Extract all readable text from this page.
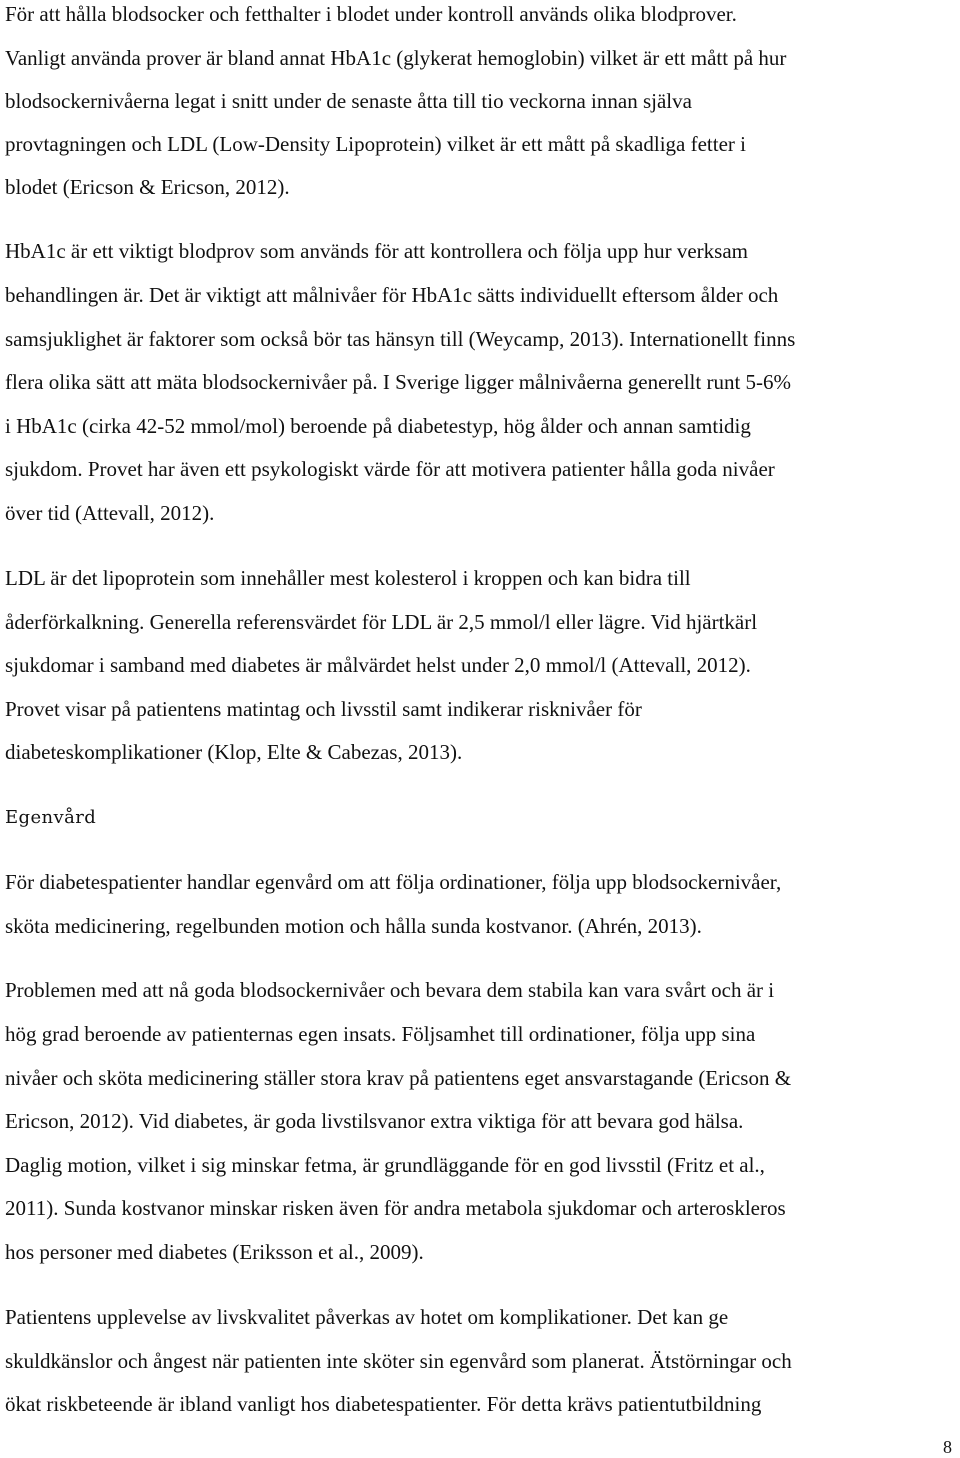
För att hålla blodsocker och fetthalter i blodet under kontroll används olika blodprover.
Vanligt använda prover är bland annat HbA1c (glykerat hemoglobin) vilket är ett mått på hur
blodsockernivåerna legat i snitt under de senaste åtta till tio veckorna innan själva
provtagningen och LDL (Low-Density Lipoprotein) vilket är ett mått på skadliga fetter i
blodet (Ericson & Ericson, 2012).
HbA1c är ett viktigt blodprov som används för att kontrollera och följa upp hur verksam
behandlingen är. Det är viktigt att målnivåer för HbA1c sätts individuellt eftersom ålder och
samsjuklighet är faktorer som också bör tas hänsyn till (Weycamp, 2013). Internationellt finns
flera olika sätt att mäta blodsockernivåer på. I Sverige ligger målnivåerna generellt runt 5-6%
i HbA1c (cirka 42-52 mmol/mol) beroende på diabetestyp, hög ålder och annan samtidig
sjukdom. Provet har även ett psykologiskt värde för att motivera patienter hålla goda nivåer
över tid (Attevall, 2012).
LDL är det lipoprotein som innehåller mest kolesterol i kroppen och kan bidra till
åderförkalkning. Generella referensvärdet för LDL är 2,5 mmol/l eller lägre. Vid hjärtkärl
sjukdomar i samband med diabetes är målvärdet helst under 2,0 mmol/l (Attevall, 2012).
Provet visar på patientens matintag och livsstil samt indikerar risknivåer för
diabeteskomplikationer (Klop, Elte & Cabezas, 2013).
Egenvård
För diabetespatienter handlar egenvård om att följa ordinationer, följa upp blodsockernivåer,
sköta medicinering, regelbunden motion och hålla sunda kostvanor. (Ahrén, 2013).
Problemen med att nå goda blodsockernivåer och bevara dem stabila kan vara svårt och är i
hög grad beroende av patienternas egen insats. Följsamhet till ordinationer, följa upp sina
nivåer och sköta medicinering ställer stora krav på patientens eget ansvarstagande (Ericson &
Ericson, 2012). Vid diabetes, är goda livstilsvanor extra viktiga för att bevara god hälsa.
Daglig motion, vilket i sig minskar fetma, är grundläggande för en god livsstil (Fritz et al.,
2011). Sunda kostvanor minskar risken även för andra metabola sjukdomar och arteroskleros
hos personer med diabetes (Eriksson et al., 2009).
Patientens upplevelse av livskvalitet påverkas av hotet om komplikationer. Det kan ge
skuldkänslor och ångest när patienten inte sköter sin egenvård som planerat. Ätstörningar och
ökat riskbeteende är ibland vanligt hos diabetespatienter. För detta krävs patientutbildning
8
